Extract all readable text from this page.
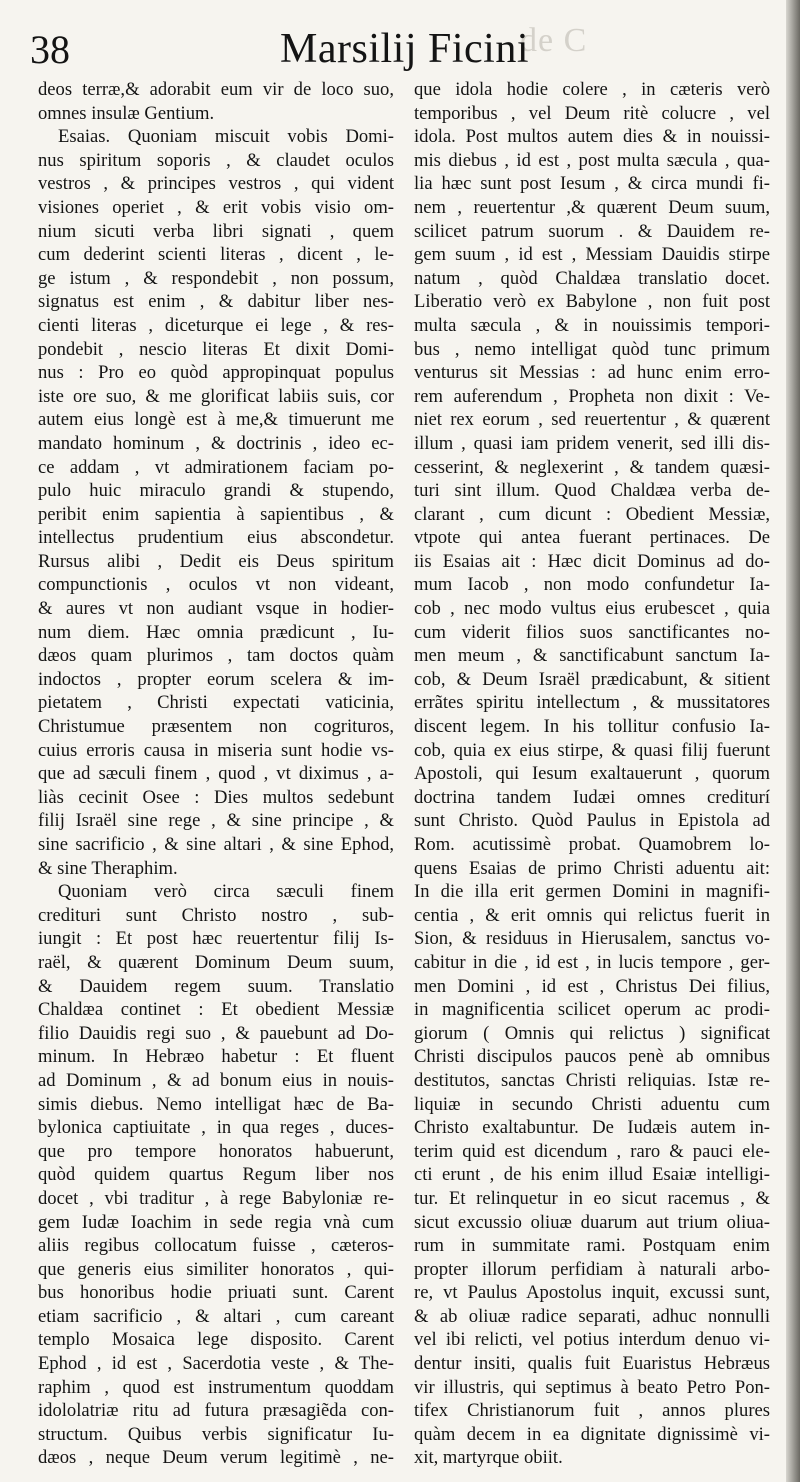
de C
38	Marsilij Ficini
deos terræ,& adorabit eum vir de loco suo,
omnes insulæ Gentium.
Esaias. Quoniam miscuit vobis Domi-
nus spiritum soporis , & claudet oculos
vestros , & principes vestros , qui vident
visiones operiet , & erit vobis visio om-
nium sicuti verba libri signati , quem
cum dederint scienti literas , dicent , le-
ge istum , & respondebit , non possum,
signatus est enim , & dabitur liber nes-
cienti literas , diceturque ei lege , & res-
pondebit , nescio literas Et dixit Domi-
nus : Pro eo quòd appropinquat populus
iste ore suo, & me glorificat labiis suis, cor
autem eius longè est à me,& timuerunt me
mandato hominum , & doctrinis , ideo ec-
ce addam , vt admirationem faciam po-
pulo huic miraculo grandi & stupendo,
peribit enim sapientia à sapientibus , &
intellectus prudentium eius abscondetur.
Rursus alibi , Dedit eis Deus spiritum
compunctionis , oculos vt non videant,
& aures vt non audiant vsque in hodier-
num diem. Hæc omnia prædicunt , Iu-
dæos quam plurimos , tam doctos quàm
indoctos , propter eorum scelera & im-
pietatem , Christi expectati vaticinia,
Christumue præsentem non cogrituros,
cuius erroris causa in miseria sunt hodie vs-
que ad sæculi finem , quod , vt diximus , a-
liàs cecinit Osee : Dies multos sedebunt
filij Israël sine rege , & sine principe , &
sine sacrificio , & sine altari , & sine Ephod,
& sine Theraphim.
Quoniam verò circa sæculi finem
credituri sunt Christo nostro , sub-
iungit : Et post hæc reuertentur filij Is-
raël, & quærent Dominum Deum suum,
& Dauidem regem suum. Translatio
Chaldæa continet : Et obedient Messiæ
filio Dauidis regi suo , & pauebunt ad Do-
minum. In Hebræo habetur : Et fluent
ad Dominum , & ad bonum eius in nouis-
simis diebus. Nemo intelligat hæc de Ba-
bylonica captiuitate , in qua reges , duces-
que pro tempore honoratos habuerunt,
quòd quidem quartus Regum liber nos
docet , vbi traditur , à rege Babyloniæ re-
gem Iudæ Ioachim in sede regia vnà cum
aliis regibus collocatum fuisse , cæteros-
que generis eius similiter honoratos , qui-
bus honoribus hodie priuati sunt. Carent
etiam sacrificio , & altari , cum careant
templo Mosaica lege disposito. Carent
Ephod , id est , Sacerdotia veste , & The-
raphim , quod est instrumentum quoddam
idololatriæ ritu ad futura præsagiẽda con-
structum. Quibus verbis significatur Iu-
dæos , neque Deum verum legitimè , ne-
que idola hodie colere , in cæteris verò
temporibus , vel Deum ritè colucre , vel
idola. Post multos autem dies & in nouissi-
mis diebus , id est , post multa sæcula , qua-
lia hæc sunt post Iesum , & circa mundi fi-
nem , reuertentur ,& quærent Deum suum,
scilicet patrum suorum . & Dauidem re-
gem suum , id est , Messiam Dauidis stirpe
natum , quòd Chaldæa translatio docet.
Liberatio verò ex Babylone , non fuit post
multa sæcula , & in nouissimis tempori-
bus , nemo intelligat quòd tunc primum
venturus sit Messias : ad hunc enim erro-
rem auferendum , Propheta non dixit : Ve-
niet rex eorum , sed reuertentur , & quærent
illum , quasi iam pridem venerit, sed illi dis-
cesserint, & neglexerint , & tandem quæsi-
turi sint illum. Quod Chaldæa verba de-
clarant , cum dicunt : Obedient Messiæ,
vtpote qui antea fuerant pertinaces. De
iis Esaias ait : Hæc dicit Dominus ad do-
mum Iacob , non modo confundetur Ia-
cob , nec modo vultus eius erubescet , quia
cum viderit filios suos sanctificantes no-
men meum , & sanctificabunt sanctum Ia-
cob, & Deum Israël prædicabunt, & sitient
errãtes spiritu intellectum , & mussitatores
discent legem. In his tollitur confusio Ia-
cob, quia ex eius stirpe, & quasi filij fuerunt
Apostoli, qui Iesum exaltauerunt , quorum
doctrina tandem Iudæi omnes crediturí
sunt Christo. Quòd Paulus in Epistola ad
Rom. acutissimè probat. Quamobrem lo-
quens Esaias de primo Christi aduentu ait:
In die illa erit germen Domini in magnifi-
centia , & erit omnis qui relictus fuerit in
Sion, & residuus in Hierusalem, sanctus vo-
cabitur in die , id est , in lucis tempore , ger-
men Domini , id est , Christus Dei filius,
in magnificentia scilicet operum ac prodi-
giorum ( Omnis qui relictus ) significat
Christi discipulos paucos penè ab omnibus
destitutos, sanctas Christi reliquias. Istæ re-
liquiæ in secundo Christi aduentu cum
Christo exaltabuntur. De Iudæis autem in-
terim quid est dicendum , raro & pauci ele-
cti erunt , de his enim illud Esaiæ intelligi-
tur. Et relinquetur in eo sicut racemus , &
sicut excussio oliuæ duarum aut trium oliua-
rum in summitate rami. Postquam enim
propter illorum perfidiam à naturali arbo-
re, vt Paulus Apostolus inquit, excussi sunt,
& ab oliuæ radice separati, adhuc nonnulli
vel ibi relicti, vel potius interdum denuo vi-
dentur insiti, qualis fuit Euaristus Hebræus
vir illustris, qui septimus à beato Petro Pon-
tifex Christianorum fuit , annos plures
quàm decem in ea dignitate dignissimè vi-
xit, martyrque obiit.
